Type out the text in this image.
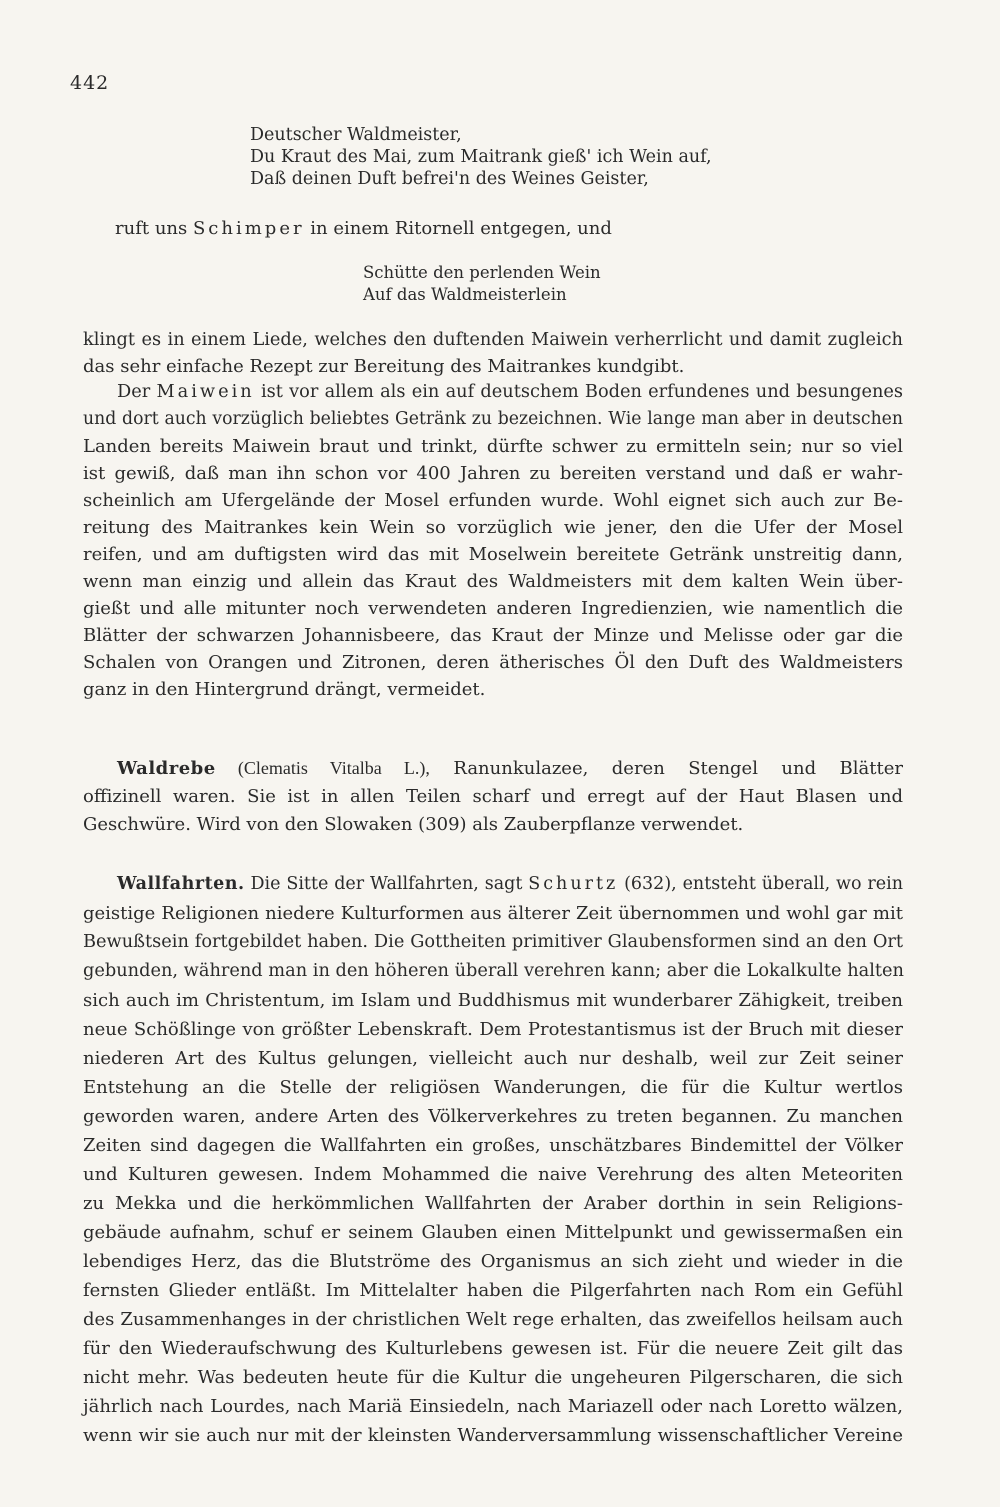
442
Deutscher Waldmeister,
Du Kraut des Mai, zum Maitrank gieß' ich Wein auf,
Daß deinen Duft befrei'n des Weines Geister,
ruft uns Schimper in einem Ritornell entgegen, und
Schütte den perlenden Wein
Auf das Waldmeisterlein
klingt es in einem Liede, welches den duftenden Maiwein verherrlicht und damit zugleich
das sehr einfache Rezept zur Bereitung des Maitrankes kundgibt.
Der Maiwein ist vor allem als ein auf deutschem Boden erfundenes und besungenes
und dort auch vorzüglich beliebtes Getränk zu bezeichnen. Wie lange man aber in deutschen
Landen bereits Maiwein braut und trinkt, dürfte schwer zu ermitteln sein; nur so viel
ist gewiß, daß man ihn schon vor 400 Jahren zu bereiten verstand und daß er wahr-
scheinlich am Ufergelände der Mosel erfunden wurde. Wohl eignet sich auch zur Be-
reitung des Maitrankes kein Wein so vorzüglich wie jener, den die Ufer der Mosel
reifen, und am duftigsten wird das mit Moselwein bereitete Getränk unstreitig dann,
wenn man einzig und allein das Kraut des Waldmeisters mit dem kalten Wein über-
gießt und alle mitunter noch verwendeten anderen Ingredienzien, wie namentlich die
Blätter der schwarzen Johannisbeere, das Kraut der Minze und Melisse oder gar die
Schalen von Orangen und Zitronen, deren ätherisches Öl den Duft des Waldmeisters
ganz in den Hintergrund drängt, vermeidet.
Waldrebe (Clematis Vitalba L.), Ranunkulazee, deren Stengel und Blätter
offizinell waren. Sie ist in allen Teilen scharf und erregt auf der Haut Blasen und
Geschwüre. Wird von den Slowaken (309) als Zauberpflanze verwendet.
Wallfahrten. Die Sitte der Wallfahrten, sagt Schurtz (632), entsteht überall, wo rein
geistige Religionen niedere Kulturformen aus älterer Zeit übernommen und wohl gar mit
Bewußtsein fortgebildet haben. Die Gottheiten primitiver Glaubensformen sind an den Ort
gebunden, während man in den höheren überall verehren kann; aber die Lokalkulte halten
sich auch im Christentum, im Islam und Buddhismus mit wunderbarer Zähigkeit, treiben
neue Schößlinge von größter Lebenskraft. Dem Protestantismus ist der Bruch mit dieser
niederen Art des Kultus gelungen, vielleicht auch nur deshalb, weil zur Zeit seiner
Entstehung an die Stelle der religiösen Wanderungen, die für die Kultur wertlos
geworden waren, andere Arten des Völkerverkehres zu treten begannen. Zu manchen
Zeiten sind dagegen die Wallfahrten ein großes, unschätzbares Bindemittel der Völker
und Kulturen gewesen. Indem Mohammed die naive Verehrung des alten Meteoriten
zu Mekka und die herkömmlichen Wallfahrten der Araber dorthin in sein Religions-
gebäude aufnahm, schuf er seinem Glauben einen Mittelpunkt und gewissermaßen ein
lebendiges Herz, das die Blutströme des Organismus an sich zieht und wieder in die
fernsten Glieder entläßt. Im Mittelalter haben die Pilgerfahrten nach Rom ein Gefühl
des Zusammenhanges in der christlichen Welt rege erhalten, das zweifellos heilsam auch
für den Wiederaufschwung des Kulturlebens gewesen ist. Für die neuere Zeit gilt das
nicht mehr. Was bedeuten heute für die Kultur die ungeheuren Pilgerscharen, die sich
jährlich nach Lourdes, nach Mariä Einsiedeln, nach Mariazell oder nach Loretto wälzen,
wenn wir sie auch nur mit der kleinsten Wanderversammlung wissenschaftlicher Vereine
